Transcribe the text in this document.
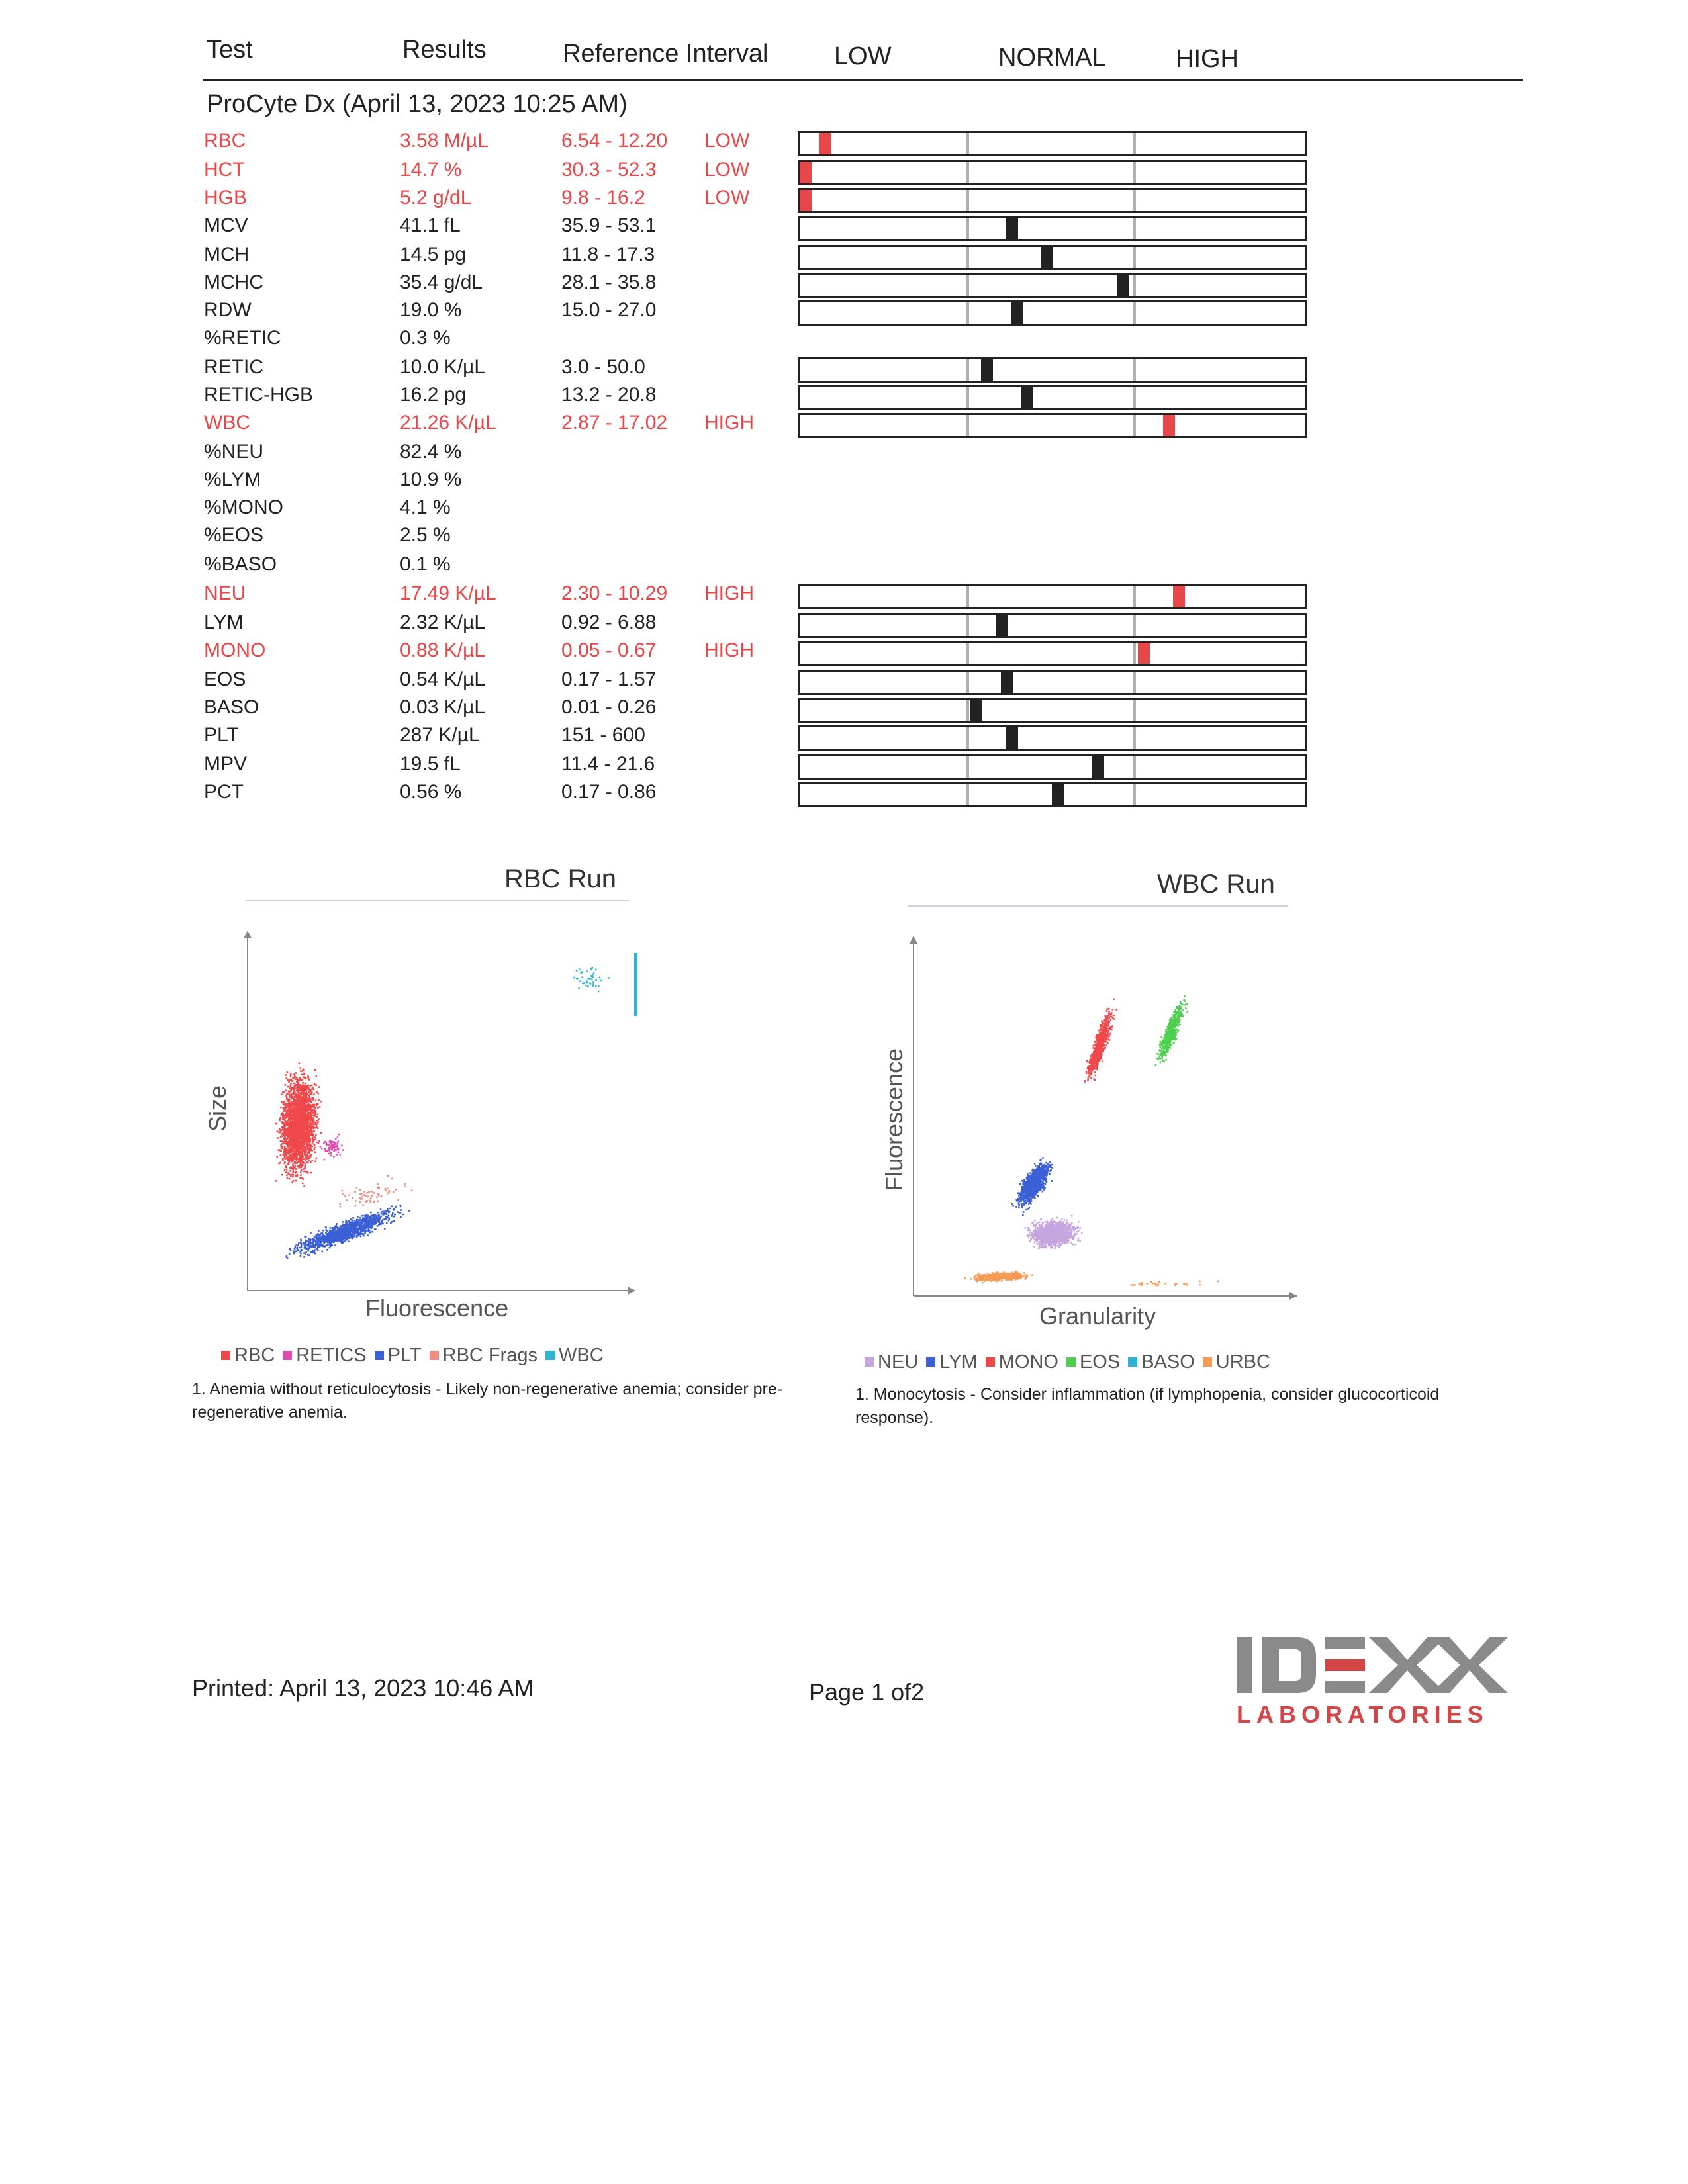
Test	Results	Reference Interval	LOW	NORMAL	HIGH
ProCyte Dx (April 13, 2023 10:25 AM)
RBC	3.58 M/µL	6.54 - 12.20 LOW
HCT	14.7 %	30.3 - 52.3 LOW
HGB	5.2 g/dL	9.8 - 16.2	LOW
MCV	41.1 fL	35.9 - 53.1
MCH	14.5 pg	11.8 - 17.3
MCHC	35.4 g/dL	28.1 - 35.8
RDW	19.0 %	15.0 - 27.0
%RETIC	0.3 %
RETIC	10.0 K/µL	3.0 - 50.0
RETIC-HGB	16.2 pg	13.2 - 20.8
WBC	21.26 K/µL	2.87 - 17.02 HIGH
%NEU	82.4 %
%LYM	10.9 %
%MONO	4.1 %
%EOS	2.5 %
%BASO	0.1 %
NEU	17.49 K/µL	2.30 - 10.29 HIGH
LYM	2.32 K/µL	0.92 - 6.88
MONO	0.88 K/µL	0.05 - 0.67 HIGH
EOS	0.54 K/µL	0.17 - 1.57
BASO	0.03 K/µL	0.01 - 0.26
PLT	287 K/µL	151 - 600
MPV	19.5 fL	11.4 - 21.6
PCT	0.56 %	0.17 - 0.86
RBC Run
Fluorescence
Size
RBC RETICS PLT RBC Frags WBC
1. Anemia without reticulocytosis - Likely non-regenerative anemia; consider pre-regenerative anemia.
WBC Run
Granularity
Fluorescence
NEU LYM MONO EOS BASO URBC
1. Monocytosis - Consider inflammation (if lymphopenia, consider glucocorticoid response).
Printed: April 13, 2023 10:46 AM	Page 1 of2
LABORATORIES
